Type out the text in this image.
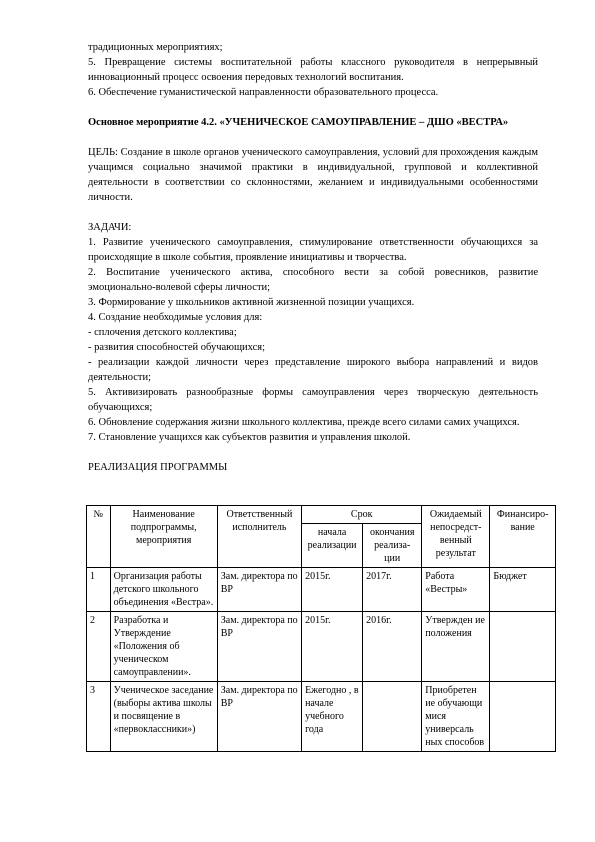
традиционных мероприятиях;

5. Превращение системы воспитательной работы классного руководителя в непрерывный инновационный процесс освоения передовых технологий воспитания.

6. Обеспечение гуманистической направленности образовательного процесса.

Основное мероприятие 4.2. «УЧЕНИЧЕСКОЕ САМОУПРАВЛЕНИЕ – ДШО «ВЕСТРА»

ЦЕЛЬ: Создание в школе органов ученического самоуправления, условий для прохождения каждым учащимся социально значимой практики в индивидуальной, групповой и коллективной деятельности в соответствии со склонностями, желанием и индивидуальными особенностями личности.

ЗАДАЧИ:

1. Развитие ученического самоуправления, стимулирование ответственности обучающихся за происходящие в школе события, проявление инициативы и творчества.

2. Воспитание ученического актива, способного вести за собой ровесников, развитие эмоционально-волевой сферы личности;

3. Формирование у школьников активной жизненной позиции учащихся.

4. Создание необходимые условия для:

- сплочения детского коллектива;

- развития способностей обучающихся;

- реализации каждой личности через представление широкого выбора направлений и видов деятельности;

5. Активизировать разнообразные формы самоуправления через творческую деятельность обучающихся;

6. Обновление содержания жизни школьного коллектива, прежде всего силами самих учащихся.

7. Становление учащихся как субъектов развития и управления школой.

РЕАЛИЗАЦИЯ ПРОГРАММЫ

№	Наименование подпрограммы, мероприятия	Ответственный исполнитель	Срок		Ожидаемый непосредст-венный результат	Финансиро-вание
			начала реализации	окончания реализа-ции		
1	Организация работы детского школьного объединения «Вестра».	Зам. директора по ВР	2015г.	2017г.	Работа «Вестры»	Бюджет
2	Разработка и Утверждение «Положения об ученическом самоуправлении».	Зам. директора по ВР	2015г.	2016г.	Утвержден ие положения	
3	Ученическое заседание (выборы актива школы и посвящение в «первоклассники»)	Зам. директора по ВР	Ежегодно , в начале учебного года		Приобретен ие обучающи мися универсаль ных способов	
